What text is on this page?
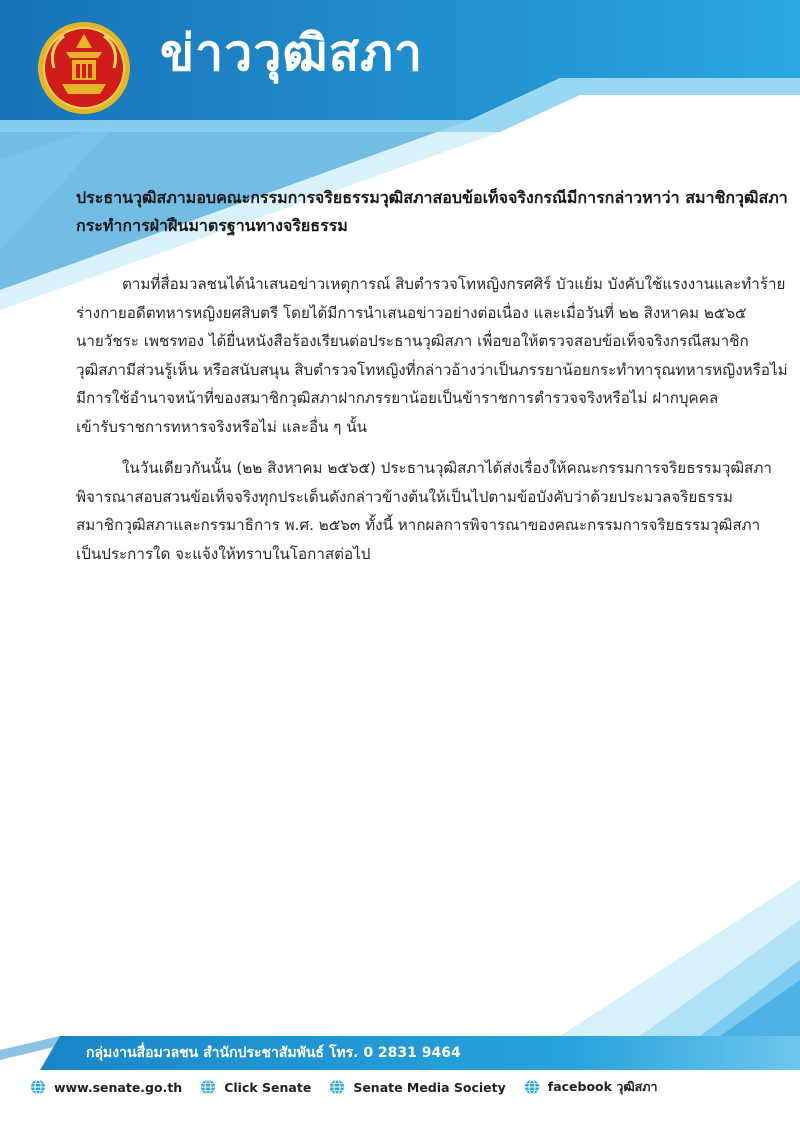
ข่าววุฒิสภา

ประธานวุฒิสภามอบคณะกรรมการจริยธรรมวุฒิสภาสอบข้อเท็จจริงกรณีมีการกล่าวหาว่า สมาชิกวุฒิสภา

กระทำการฝ่าฝืนมาตรฐานทางจริยธรรม

ตามที่สื่อมวลชนได้นำเสนอข่าวเหตุการณ์ สิบตำรวจโทหญิงกรศศิร์ บัวแย้ม บังคับใช้แรงงานและทำร้าย
ร่างกายอดีตทหารหญิงยศสิบตรี โดยได้มีการนำเสนอข่าวอย่างต่อเนื่อง และเมื่อวันที่ ๒๒ สิงหาคม ๒๕๖๕
นายวัชระ เพชรทอง ได้ยื่นหนังสือร้องเรียนต่อประธานวุฒิสภา เพื่อขอให้ตรวจสอบข้อเท็จจริงกรณีสมาชิก
วุฒิสภามีส่วนรู้เห็น หรือสนับสนุน สิบตำรวจโทหญิงที่กล่าวอ้างว่าเป็นภรรยาน้อยกระทำทารุณทหารหญิงหรือไม่
มีการใช้อำนาจหน้าที่ของสมาชิกวุฒิสภาฝากภรรยาน้อยเป็นข้าราชการตำรวจจริงหรือไม่ ฝากบุคคล
เข้ารับราชการทหารจริงหรือไม่ และอื่น ๆ นั้น
ในวันเดียวกันนั้น (๒๒ สิงหาคม ๒๕๖๕) ประธานวุฒิสภาได้ส่งเรื่องให้คณะกรรมการจริยธรรมวุฒิสภา
พิจารณาสอบสวนข้อเท็จจริงทุกประเด็นดังกล่าวข้างต้นให้เป็นไปตามข้อบังคับว่าด้วยประมวลจริยธรรม
สมาชิกวุฒิสภาและกรรมาธิการ พ.ศ. ๒๕๖๓ ทั้งนี้ หากผลการพิจารณาของคณะกรรมการจริยธรรมวุฒิสภา
เป็นประการใด จะแจ้งให้ทราบในโอกาสต่อไป
กลุ่มงานสื่อมวลชน สำนักประชาสัมพันธ์ โทร. 0 2831 9464
www.senate.go.th	Click Senate	Senate Media Society	facebook วุฒิสภา
